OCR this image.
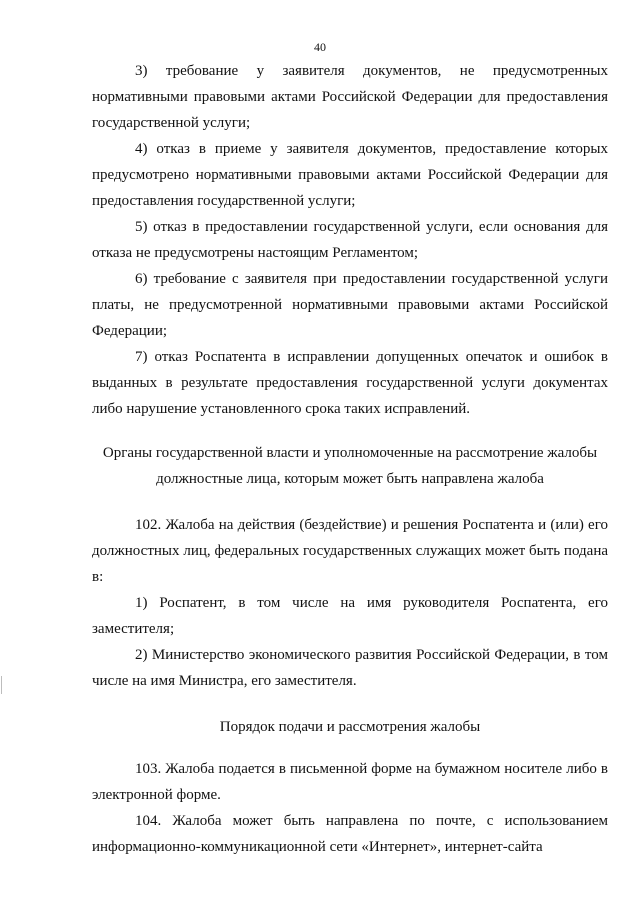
40

3) требование у заявителя документов, не предусмотренных нормативными правовыми актами Российской Федерации для предоставления государственной услуги;

4) отказ в приеме у заявителя документов, предоставление которых предусмотрено нормативными правовыми актами Российской Федерации для предоставления государственной услуги;

5) отказ в предоставлении государственной услуги, если основания для отказа не предусмотрены настоящим Регламентом;

6) требование с заявителя при предоставлении государственной услуги платы, не предусмотренной нормативными правовыми актами Российской Федерации;

7) отказ Роспатента в исправлении допущенных опечаток и ошибок в выданных в результате предоставления государственной услуги документах либо нарушение установленного срока таких исправлений.

Органы государственной власти и уполномоченные на рассмотрение жалобы должностные лица, которым может быть направлена жалоба

102. Жалоба на действия (бездействие) и решения Роспатента и (или) его должностных лиц, федеральных государственных служащих может быть подана в:

1) Роспатент, в том числе на имя руководителя Роспатента, его заместителя;

2) Министерство экономического развития Российской Федерации, в том числе на имя Министра, его заместителя.

Порядок подачи и рассмотрения жалобы

103. Жалоба подается в письменной форме на бумажном носителе либо в электронной форме.

104. Жалоба может быть направлена по почте, с использованием информационно-коммуникационной сети «Интернет», интернет-сайта
